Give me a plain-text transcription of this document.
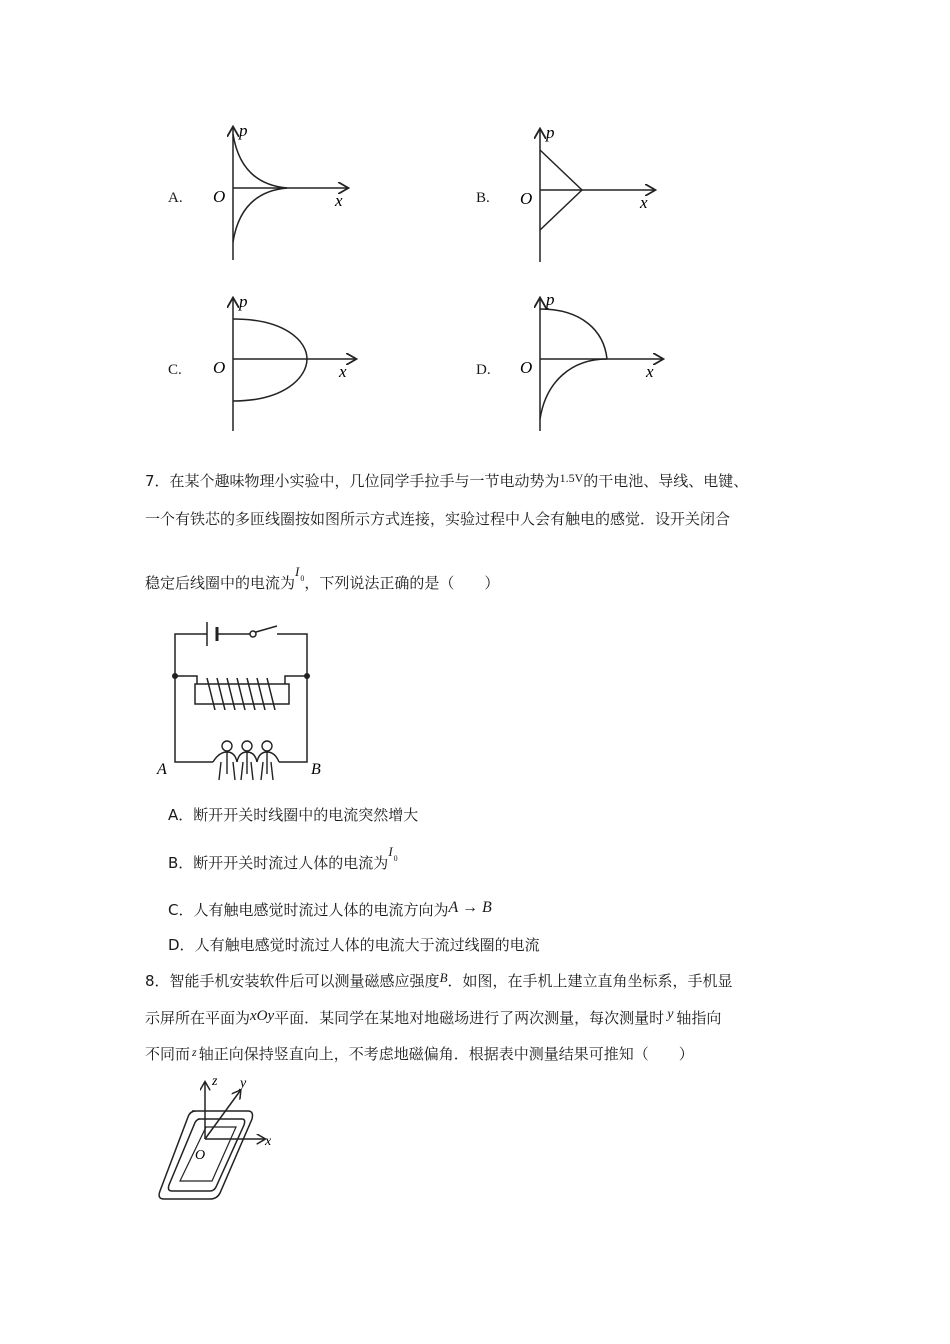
A.
p
O	x	B.
p
O	x
C.
p
O	x	D.
p
O	x
7．在某个趣味物理小实验中，几位同学手拉手与一节电动势为$^{1.5V}$的干电池、导线、电键、
一个有铁芯的多匝线圈按如图所示方式连接，实验过程中人会有触电的感觉．设开关闭合
稳定后线圈中的电流为$I_0$，下列说法正确的是（　　）
A	B
A．断开开关时线圈中的电流突然增大
B．断开开关时流过人体的电流为$I_0$
C．人有触电感觉时流过人体的电流方向为A → B
D．人有触电感觉时流过人体的电流大于流过线圈的电流
8．智能手机安装软件后可以测量磁感应强度B．如图，在手机上建立直角坐标系，手机显
示屏所在平面为xOy平面．某同学在某地对地磁场进行了两次测量，每次测量时 y 轴指向
不同而 $^z$ 轴正向保持竖直向上，不考虑地磁偏角．根据表中测量结果可推知（　　）
z y
x
O
